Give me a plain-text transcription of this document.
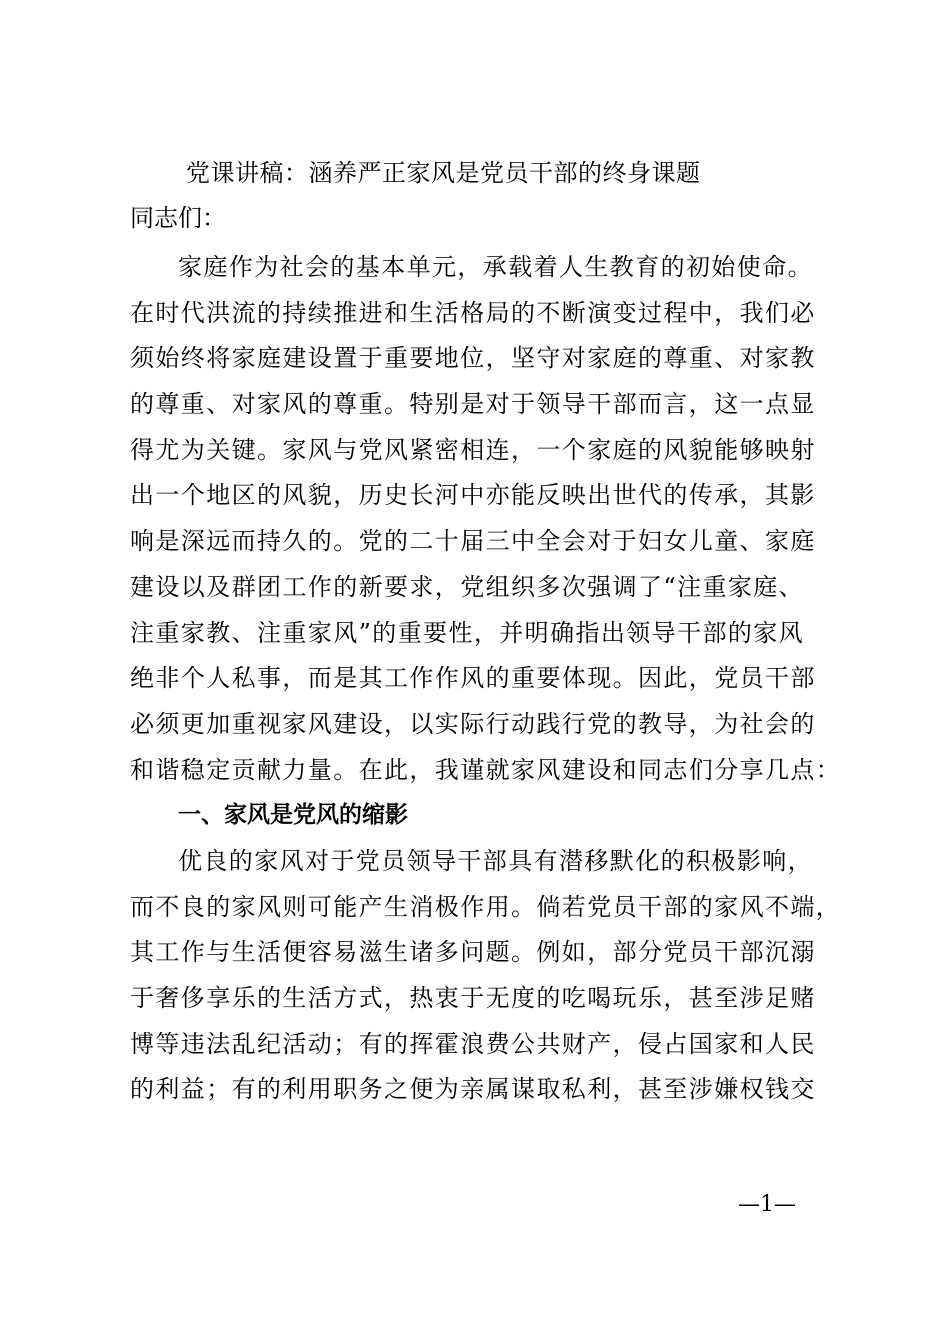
党课讲稿：涵养严正家风是党员干部的终身课题
同志们：
家庭作为社会的基本单元，承载着人生教育的初始使命。
在时代洪流的持续推进和生活格局的不断演变过程中，我们必
须始终将家庭建设置于重要地位，坚守对家庭的尊重、对家教
的尊重、对家风的尊重。特别是对于领导干部而言，这一点显
得尤为关键。家风与党风紧密相连，一个家庭的风貌能够映射
出一个地区的风貌，历史长河中亦能反映出世代的传承，其影
响是深远而持久的。党的二十届三中全会对于妇女儿童、家庭
建设以及群团工作的新要求，党组织多次强调了“注重家庭、
注重家教、注重家风”的重要性，并明确指出领导干部的家风
绝非个人私事，而是其工作作风的重要体现。因此，党员干部
必须更加重视家风建设，以实际行动践行党的教导，为社会的
和谐稳定贡献力量。在此，我谨就家风建设和同志们分享几点：
一、家风是党风的缩影
优良的家风对于党员领导干部具有潜移默化的积极影响，
而不良的家风则可能产生消极作用。倘若党员干部的家风不端，
其工作与生活便容易滋生诸多问题。例如，部分党员干部沉溺
于奢侈享乐的生活方式，热衷于无度的吃喝玩乐，甚至涉足赌
博等违法乱纪活动；有的挥霍浪费公共财产，侵占国家和人民
的利益；有的利用职务之便为亲属谋取私利，甚至涉嫌权钱交
—1—
